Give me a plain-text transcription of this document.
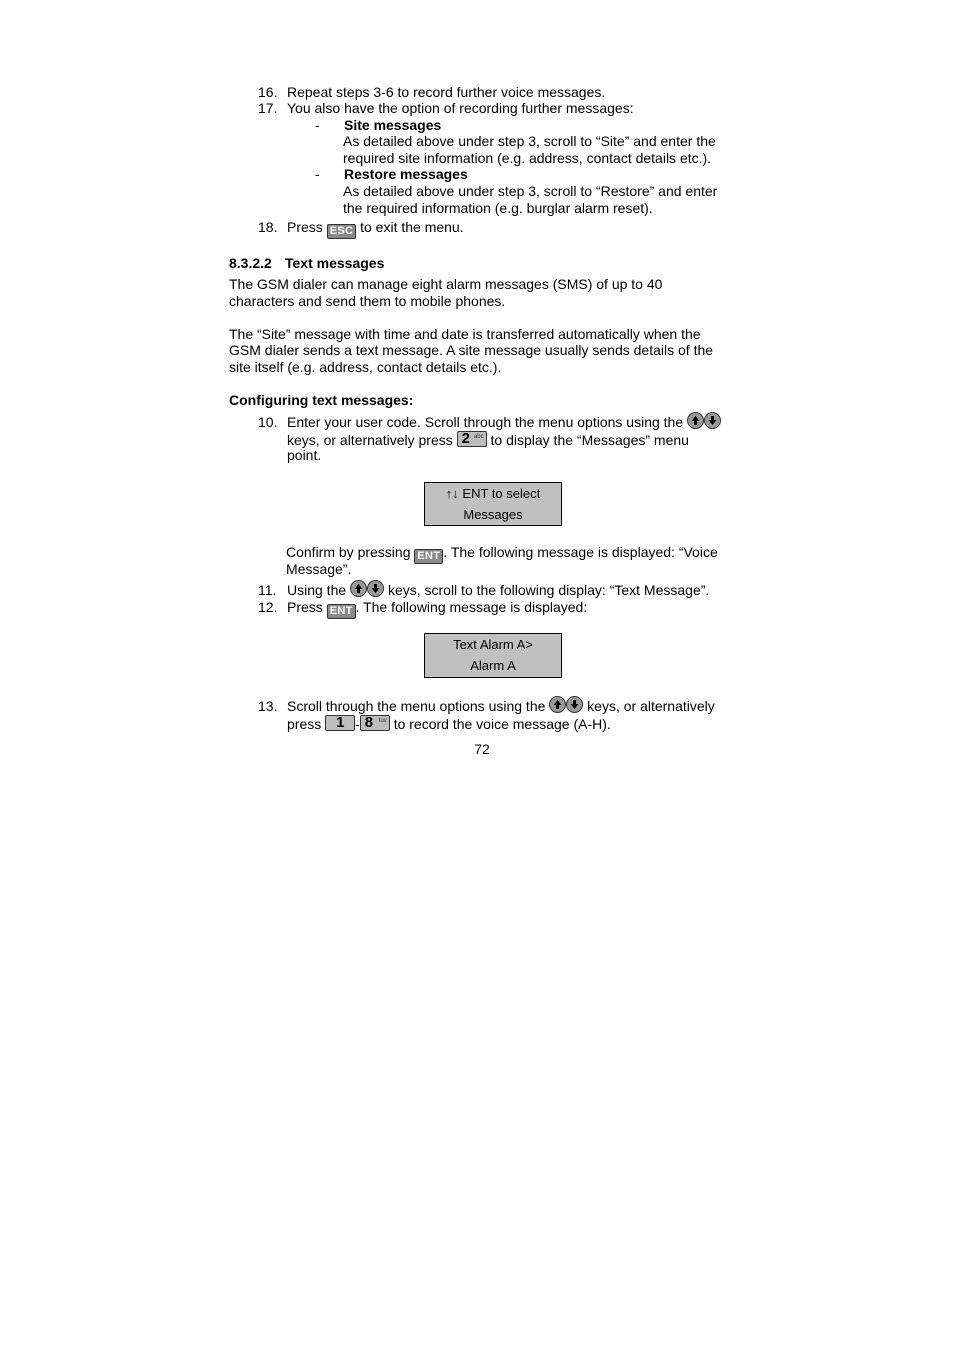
16. Repeat steps 3-6 to record further voice messages.
17. You also have the option of recording further messages:
- Site messages
As detailed above under step 3, scroll to “Site” and enter the
required site information (e.g. address, contact details etc.).
- Restore messages
As detailed above under step 3, scroll to “Restore” and enter
the required information (e.g. burglar alarm reset).
18. Press ESC to exit the menu.
8.3.2.2 Text messages
The GSM dialer can manage eight alarm messages (SMS) of up to 40
characters and send them to mobile phones.
The “Site” message with time and date is transferred automatically when the
GSM dialer sends a text message. A site message usually sends details of the
site itself (e.g. address, contact details etc.).
Configuring text messages:
10. Enter your user code. Scroll through the menu options using the
keys, or alternatively press 2 abc to display the “Messages” menu
point.
↑↓ ENT to select
Messages
Confirm by pressing ENT . The following message is displayed: “Voice
Message”.
11. Using the	keys, scroll to the following display: “Text Message”.
12. Press ENT . The following message is displayed:
Text Alarm A>
Alarm A
13. Scroll through the menu options using the	keys, or alternatively
press 1 - 8 tuv to record the voice message (A-H).
72
